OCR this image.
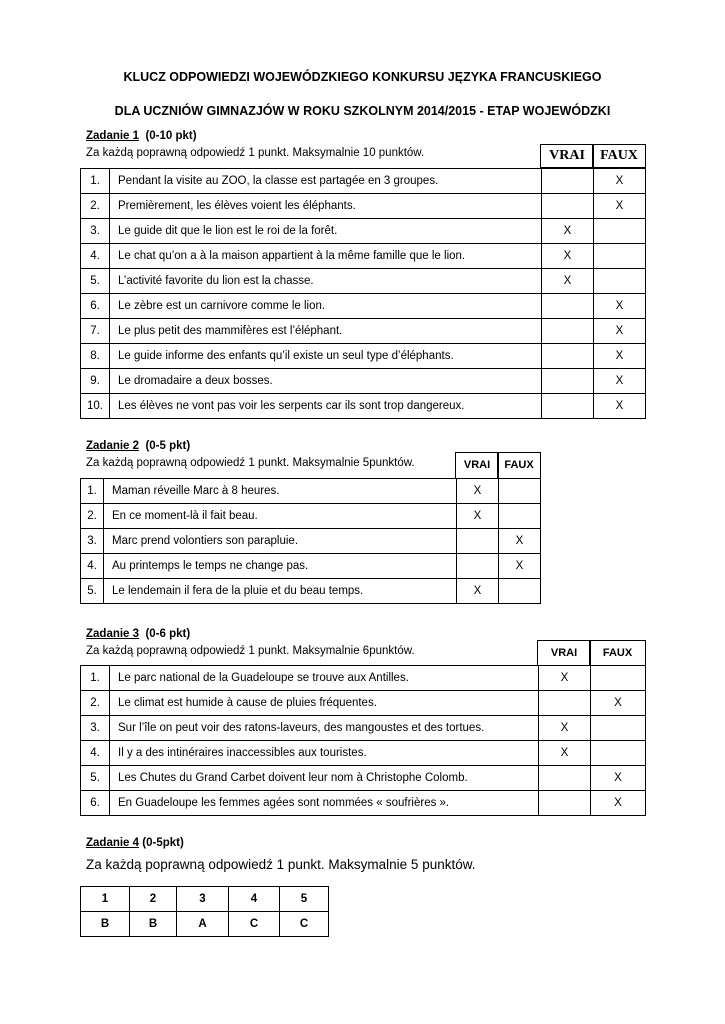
KLUCZ ODPOWIEDZI WOJEWÓDZKIEGO KONKURSU JĘZYKA FRANCUSKIEGO
DLA UCZNIÓW GIMNAZJÓW W ROKU SZKOLNYM 2014/2015 - ETAP WOJEWÓDZKI
Zadanie 1 (0-10 pkt)
Za każdą poprawną odpowiedź 1 punkt. Maksymalnie 10 punktów.	VRAI	FAUX
1.	Pendant la visite au ZOO, la classe est partagée en 3 groupes.		X
2.	Premièrement, les élèves voient les éléphants.		X
3.	Le guide dit que le lion est le roi de la forêt.	X	
4.	Le chat qu’on a à la maison appartient à la même famille que le lion.	X	
5.	L’activité favorite du lion est la chasse.	X	
6.	Le zèbre est un carnivore comme le lion.		X
7.	Le plus petit des mammifères est l’éléphant.		X
8.	Le guide informe des enfants qu’il existe un seul type d’éléphants.		X
9.	Le dromadaire a deux bosses.		X
10.	Les élèves ne vont pas voir les serpents car ils sont trop dangereux.		X
Zadanie 2 (0-5 pkt)
Za każdą poprawną odpowiedź 1 punkt. Maksymalnie 5punktów.	VRAI	FAUX
1.	Maman réveille Marc à 8 heures.	X	
2.	En ce moment-là il fait beau.	X	
3.	Marc prend volontiers son parapluie.		X
4.	Au printemps le temps ne change pas.		X
5.	Le lendemain il fera de la pluie et du beau temps.	X	
Zadanie 3 (0-6 pkt)
Za każdą poprawną odpowiedź 1 punkt. Maksymalnie 6punktów.	VRAI	FAUX
1.	Le parc national de la Guadeloupe se trouve aux Antilles.	X	
2.	Le climat est humide à cause de pluies fréquentes.		X
3.	Sur l’île on peut voir des ratons-laveurs, des mangoustes et des tortues.	X	
4.	Il y a des intinéraires inaccessibles aux touristes.	X	
5.	Les Chutes du Grand Carbet doivent leur nom à Christophe Colomb.		X
6.	En Guadeloupe les femmes agées sont nommées « soufrières ».		X
Zadanie 4 (0-5pkt)
Za każdą poprawną odpowiedź 1 punkt. Maksymalnie 5 punktów.
1	2	3	4	5
B	B	A	C	C
